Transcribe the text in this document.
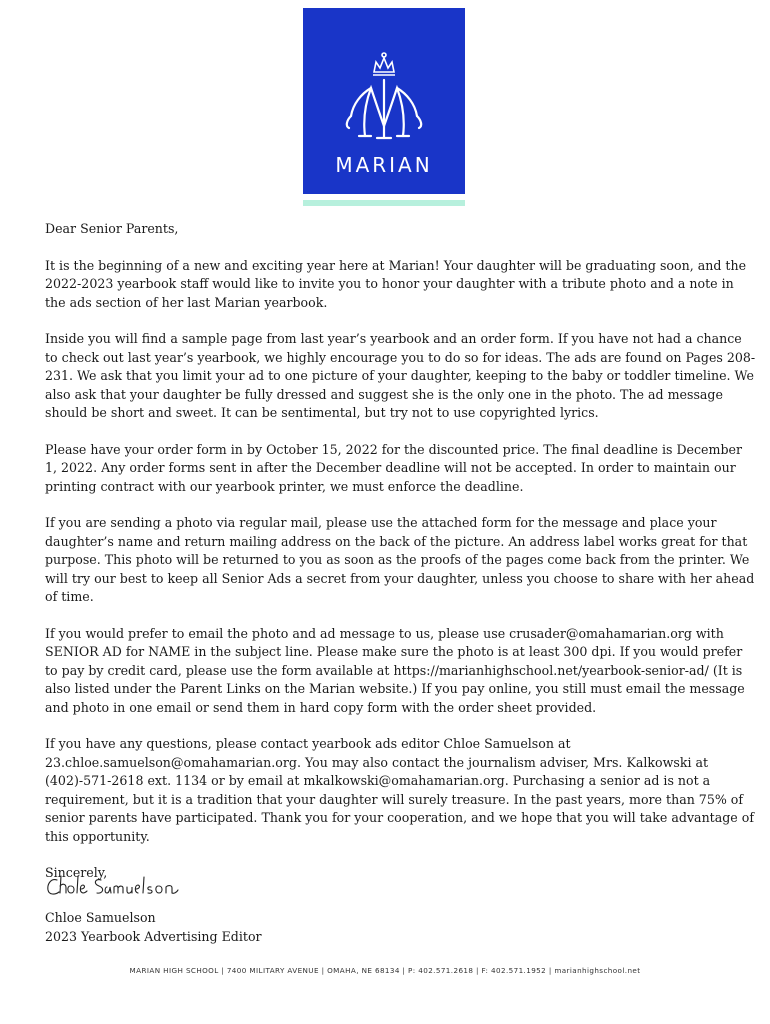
MARIAN

Dear Senior Parents,

It is the beginning of a new and exciting year here at Marian! Your daughter will be graduating soon, and the 2022-2023 yearbook staff would like to invite you to honor your daughter with a tribute photo and a note in the ads section of her last Marian yearbook.

Inside you will find a sample page from last year’s yearbook and an order form. If you have not had a chance to check out last year’s yearbook, we highly encourage you to do so for ideas. The ads are found on Pages 208-231. We ask that you limit your ad to one picture of your daughter, keeping to the baby or toddler timeline. We also ask that your daughter be fully dressed and suggest she is the only one in the photo. The ad message should be short and sweet. It can be sentimental, but try not to use copyrighted lyrics.

Please have your order form in by October 15, 2022 for the discounted price. The final deadline is December 1, 2022. Any order forms sent in after the December deadline will not be accepted. In order to maintain our printing contract with our yearbook printer, we must enforce the deadline.

If you are sending a photo via regular mail, please use the attached form for the message and place your daughter’s name and return mailing address on the back of the picture. An address label works great for that purpose. This photo will be returned to you as soon as the proofs of the pages come back from the printer. We will try our best to keep all Senior Ads a secret from your daughter, unless you choose to share with her ahead of time.

If you would prefer to email the photo and ad message to us, please use crusader@omahamarian.org with SENIOR AD for NAME in the subject line. Please make sure the photo is at least 300 dpi. If you would prefer to pay by credit card, please use the form available at https://marianhighschool.net/yearbook-senior-ad/ (It is also listed under the Parent Links on the Marian website.) If you pay online, you still must email the message and photo in one email or send them in hard copy form with the order sheet provided.

If you have any questions, please contact yearbook ads editor Chloe Samuelson at 23.chloe.samuelson@omahamarian.org. You may also contact the journalism adviser, Mrs. Kalkowski at (402)-571-2618 ext. 1134 or by email at mkalkowski@omahamarian.org. Purchasing a senior ad is not a requirement, but it is a tradition that your daughter will surely treasure. In the past years, more than 75% of senior parents have participated. Thank you for your cooperation, and we hope that you will take advantage of this opportunity.

Sincerely,

Chloe Samuelson
2023 Yearbook Advertising Editor
MARIAN HIGH SCHOOL | 7400 MILITARY AVENUE | OMAHA, NE 68134 | P: 402.571.2618 | F: 402.571.1952 | marianhighschool.net
